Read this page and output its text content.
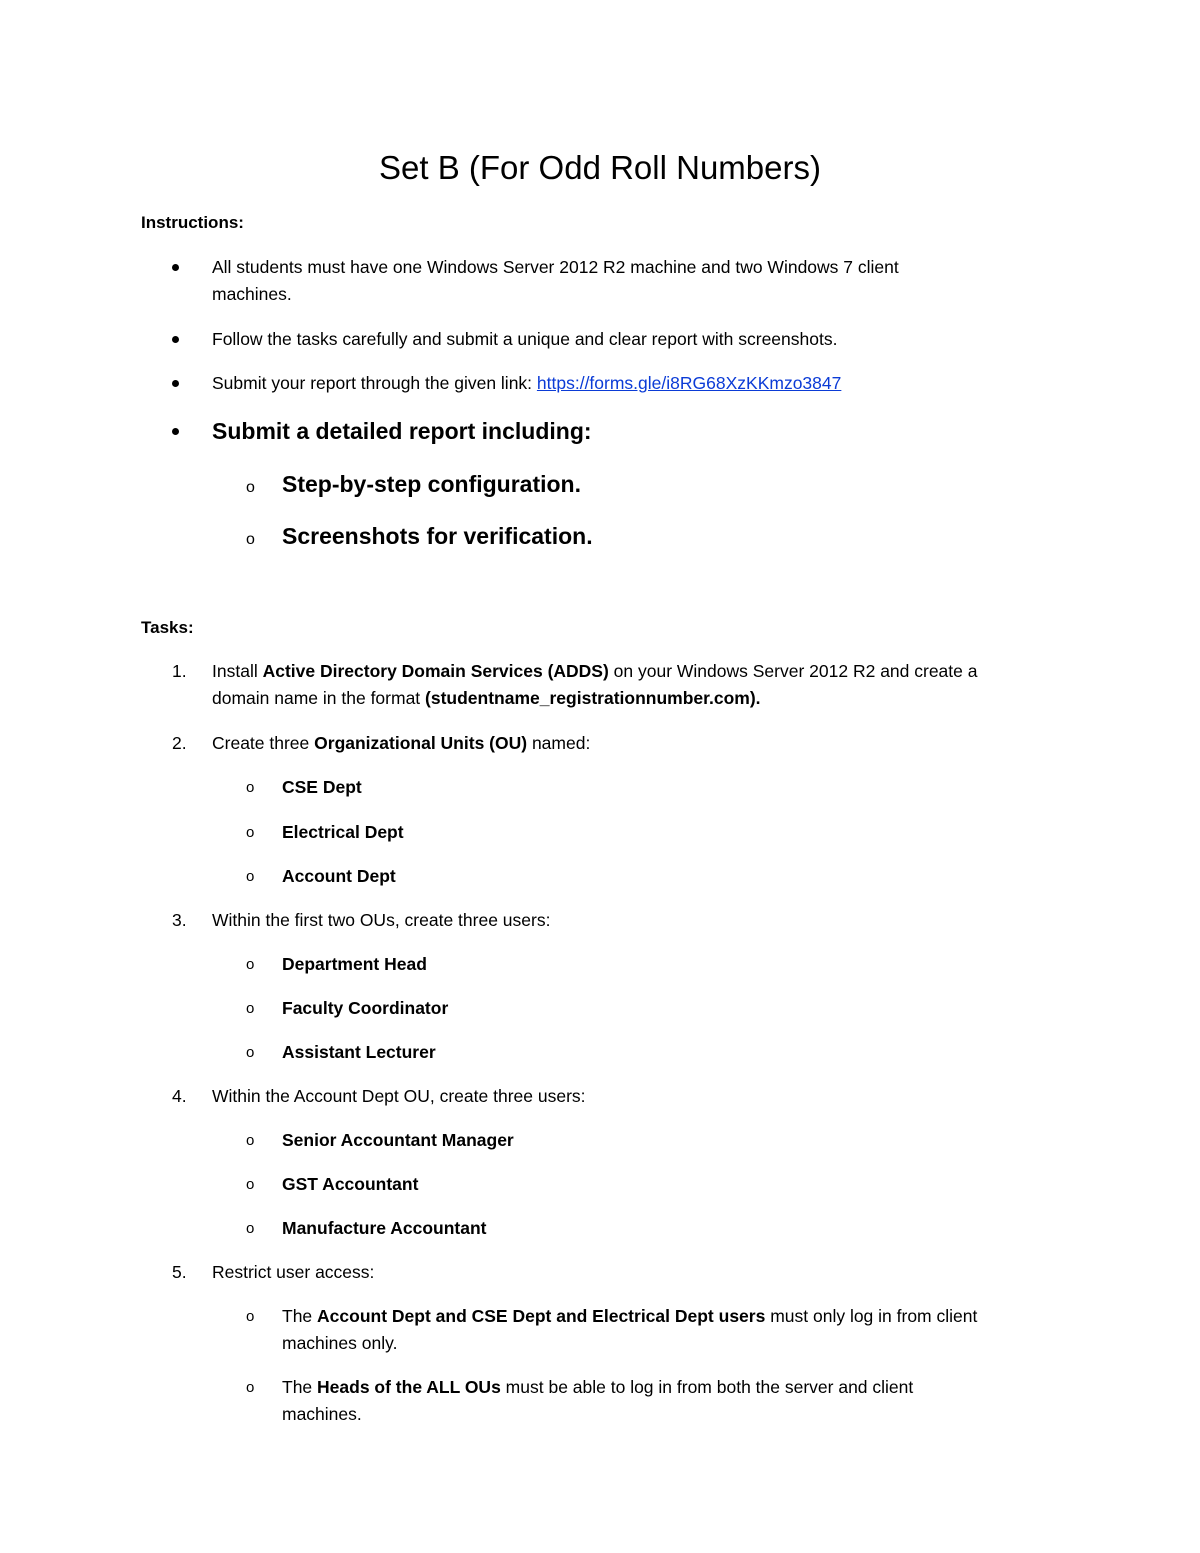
Set B (For Odd Roll Numbers)
Instructions:
All students must have one Windows Server 2012 R2 machine and two Windows 7 client
machines.
Follow the tasks carefully and submit a unique and clear report with screenshots.
Submit your report through the given link: https://forms.gle/i8RG68XzKKmzo3847
Submit a detailed report including:
o Step-by-step configuration.
o Screenshots for verification.
Tasks:
1. Install Active Directory Domain Services (ADDS) on your Windows Server 2012 R2 and create a
domain name in the format (studentname_registrationnumber.com).
2. Create three Organizational Units (OU) named:
o CSE Dept
o Electrical Dept
o Account Dept
3. Within the first two OUs, create three users:
o Department Head
o Faculty Coordinator
o Assistant Lecturer
4. Within the Account Dept OU, create three users:
o Senior Accountant Manager
o GST Accountant
o Manufacture Accountant
5. Restrict user access:
o The Account Dept and CSE Dept and Electrical Dept users must only log in from client
machines only.
o The Heads of the ALL OUs must be able to log in from both the server and client
machines.
